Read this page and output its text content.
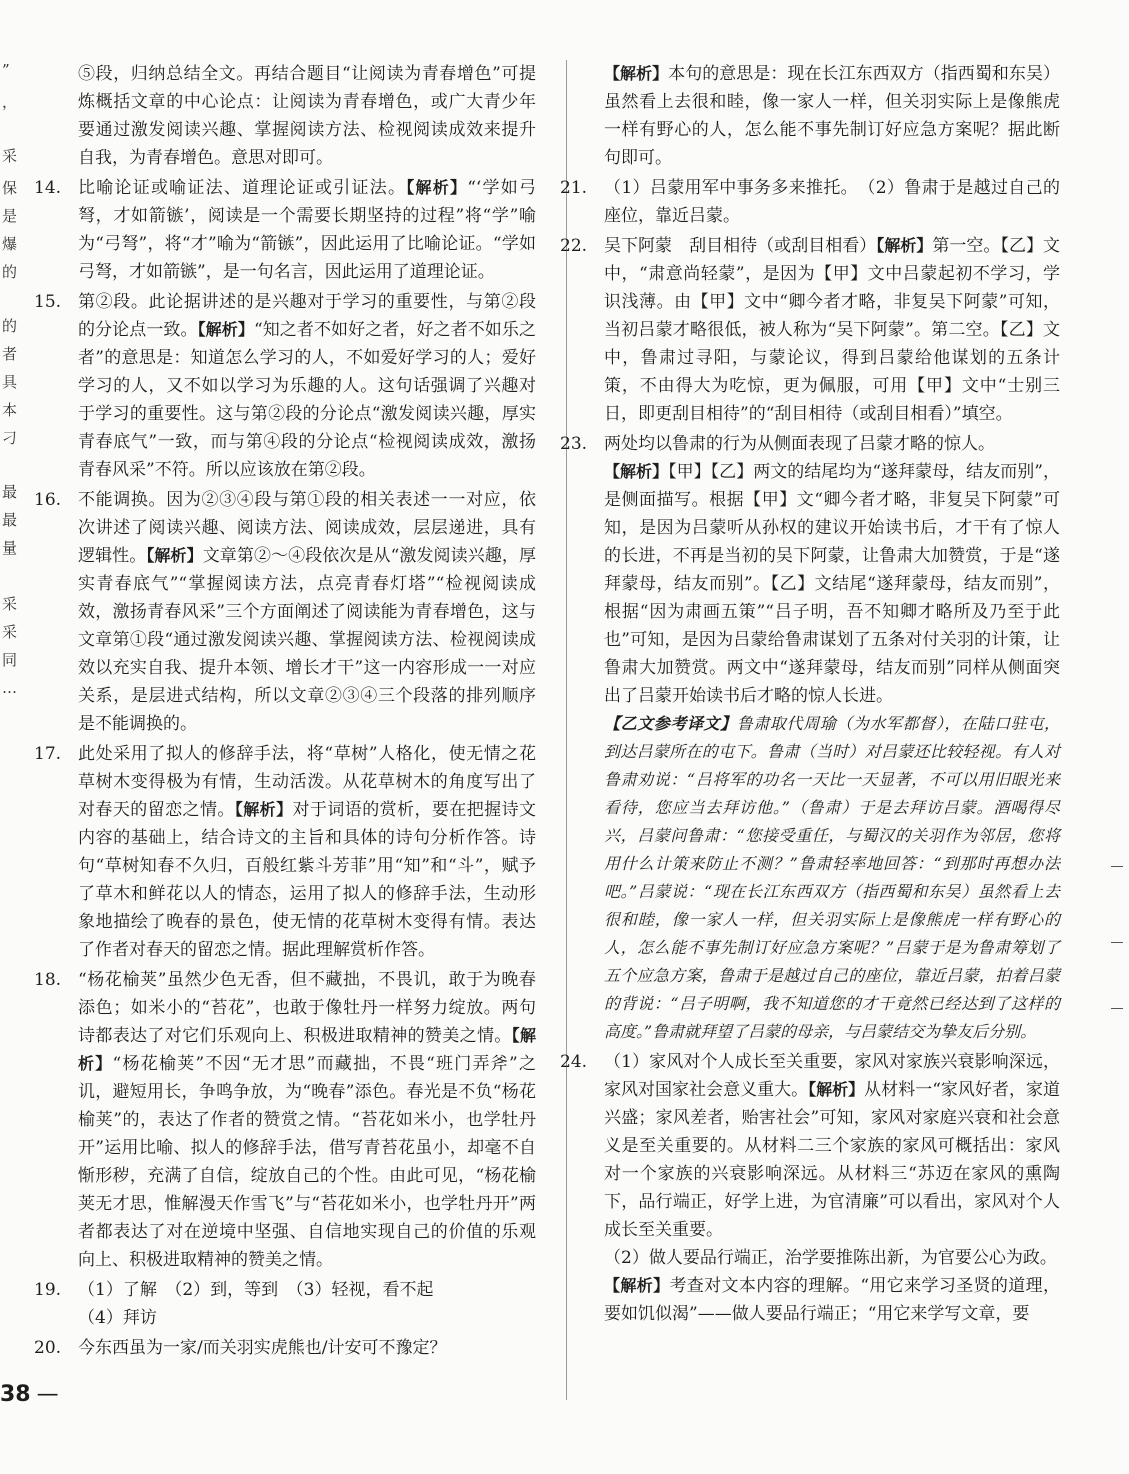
”
，
采
保
是
爆
的
的
者
具
本
刁
最
最
量
采
采
同
…
⑤段，归纳总结全文。再结合题目“让阅读为青春增色”可提炼概括文章的中心论点：让阅读为青春增色，或广大青少年要通过激发阅读兴趣、掌握阅读方法、检视阅读成效来提升自我，为青春增色。意思对即可。
14. 比喻论证或喻证法、道理论证或引证法。【解析】“‘学如弓弩，才如箭镞’，阅读是一个需要长期坚持的过程”将“学”喻为“弓弩”，将“才”喻为“箭镞”，因此运用了比喻论证。“学如弓弩，才如箭镞”，是一句名言，因此运用了道理论证。
15. 第②段。此论据讲述的是兴趣对于学习的重要性，与第②段的分论点一致。【解析】“知之者不如好之者，好之者不如乐之者”的意思是：知道怎么学习的人，不如爱好学习的人；爱好学习的人，又不如以学习为乐趣的人。这句话强调了兴趣对于学习的重要性。这与第②段的分论点“激发阅读兴趣，厚实青春底气”一致，而与第④段的分论点“检视阅读成效，激扬青春风采”不符。所以应该放在第②段。
16. 不能调换。因为②③④段与第①段的相关表述一一对应，依次讲述了阅读兴趣、阅读方法、阅读成效，层层递进，具有逻辑性。【解析】文章第②～④段依次是从“激发阅读兴趣，厚实青春底气”“掌握阅读方法，点亮青春灯塔”“检视阅读成效，激扬青春风采”三个方面阐述了阅读能为青春增色，这与文章第①段“通过激发阅读兴趣、掌握阅读方法、检视阅读成效以充实自我、提升本领、增长才干”这一内容形成一一对应关系，是层进式结构，所以文章②③④三个段落的排列顺序是不能调换的。
17. 此处采用了拟人的修辞手法，将“草树”人格化，使无情之花草树木变得极为有情，生动活泼。从花草树木的角度写出了对春天的留恋之情。【解析】对于词语的赏析，要在把握诗文内容的基础上，结合诗文的主旨和具体的诗句分析作答。诗句“草树知春不久归，百般红紫斗芳菲”用“知”和“斗”，赋予了草木和鲜花以人的情态，运用了拟人的修辞手法，生动形象地描绘了晚春的景色，使无情的花草树木变得有情。表达了作者对春天的留恋之情。据此理解赏析作答。
18. “杨花榆荚”虽然少色无香，但不藏拙，不畏讥，敢于为晚春添色；如米小的“苔花”，也敢于像牡丹一样努力绽放。两句诗都表达了对它们乐观向上、积极进取精神的赞美之情。【解析】“杨花榆荚”不因“无才思”而藏拙，不畏“班门弄斧”之讥，避短用长，争鸣争放，为“晚春”添色。春光是不负“杨花榆荚”的，表达了作者的赞赏之情。“苔花如米小，也学牡丹开”运用比喻、拟人的修辞手法，借写青苔花虽小，却毫不自惭形秽，充满了自信，绽放自己的个性。由此可见，“杨花榆荚无才思，惟解漫天作雪飞”与“苔花如米小，也学牡丹开”两者都表达了对在逆境中坚强、自信地实现自己的价值的乐观向上、积极进取精神的赞美之情。
19. （1）了解　（2）到，等到　（3）轻视，看不起
（4）拜访
20. 今东西虽为一家/而关羽实虎熊也/计安可不豫定？
【解析】本句的意思是：现在长江东西双方（指西蜀和东吴）虽然看上去很和睦，像一家人一样，但关羽实际上是像熊虎一样有野心的人，怎么能不事先制订好应急方案呢？据此断句即可。
21. （1）吕蒙用军中事务多来推托。　（2）鲁肃于是越过自己的座位，靠近吕蒙。
22. 吴下阿蒙　刮目相待（或刮目相看）【解析】第一空。【乙】文中，“肃意尚轻蒙”，是因为【甲】文中吕蒙起初不学习，学识浅薄。由【甲】文中“卿今者才略，非复吴下阿蒙”可知，当初吕蒙才略很低，被人称为“吴下阿蒙”。第二空。【乙】文中，鲁肃过寻阳，与蒙论议，得到吕蒙给他谋划的五条计策，不由得大为吃惊，更为佩服，可用【甲】文中“士别三日，即更刮目相待”的“刮目相待（或刮目相看）”填空。
23. 两处均以鲁肃的行为从侧面表现了吕蒙才略的惊人。
【解析】【甲】【乙】两文的结尾均为“遂拜蒙母，结友而别”，是侧面描写。根据【甲】文“卿今者才略，非复吴下阿蒙”可知，是因为吕蒙听从孙权的建议开始读书后，才干有了惊人的长进，不再是当初的吴下阿蒙，让鲁肃大加赞赏，于是“遂拜蒙母，结友而别”。【乙】文结尾“遂拜蒙母，结友而别”，根据“因为肃画五策”“吕子明，吾不知卿才略所及乃至于此也”可知，是因为吕蒙给鲁肃谋划了五条对付关羽的计策，让鲁肃大加赞赏。两文中“遂拜蒙母，结友而别”同样从侧面突出了吕蒙开始读书后才略的惊人长进。
【乙文参考译文】鲁肃取代周瑜（为水军都督），在陆口驻屯，到达吕蒙所在的屯下。鲁肃（当时）对吕蒙还比较轻视。有人对鲁肃劝说：“吕将军的功名一天比一天显著，不可以用旧眼光来看待，您应当去拜访他。”（鲁肃）于是去拜访吕蒙。酒喝得尽兴，吕蒙问鲁肃：“您接受重任，与蜀汉的关羽作为邻居，您将用什么计策来防止不测？”鲁肃轻率地回答：“到那时再想办法吧。”吕蒙说：“现在长江东西双方（指西蜀和东吴）虽然看上去很和睦，像一家人一样，但关羽实际上是像熊虎一样有野心的人，怎么能不事先制订好应急方案呢？”吕蒙于是为鲁肃筹划了五个应急方案，鲁肃于是越过自己的座位，靠近吕蒙，拍着吕蒙的背说：“吕子明啊，我不知道您的才干竟然已经达到了这样的高度。”鲁肃就拜望了吕蒙的母亲，与吕蒙结交为挚友后分别。
24. （1）家风对个人成长至关重要，家风对家族兴衰影响深远，家风对国家社会意义重大。【解析】从材料一“家风好者，家道兴盛；家风差者，贻害社会”可知，家风对家庭兴衰和社会意义是至关重要的。从材料二三个家族的家风可概括出：家风对一个家族的兴衰影响深远。从材料三“苏迈在家风的熏陶下，品行端正，好学上进，为官清廉”可以看出，家风对个人成长至关重要。
（2）做人要品行端正，治学要推陈出新，为官要公心为政。
【解析】考查对文本内容的理解。“用它来学习圣贤的道理，要如饥似渴”——做人要品行端正；“用它来学写文章，要
38 —
